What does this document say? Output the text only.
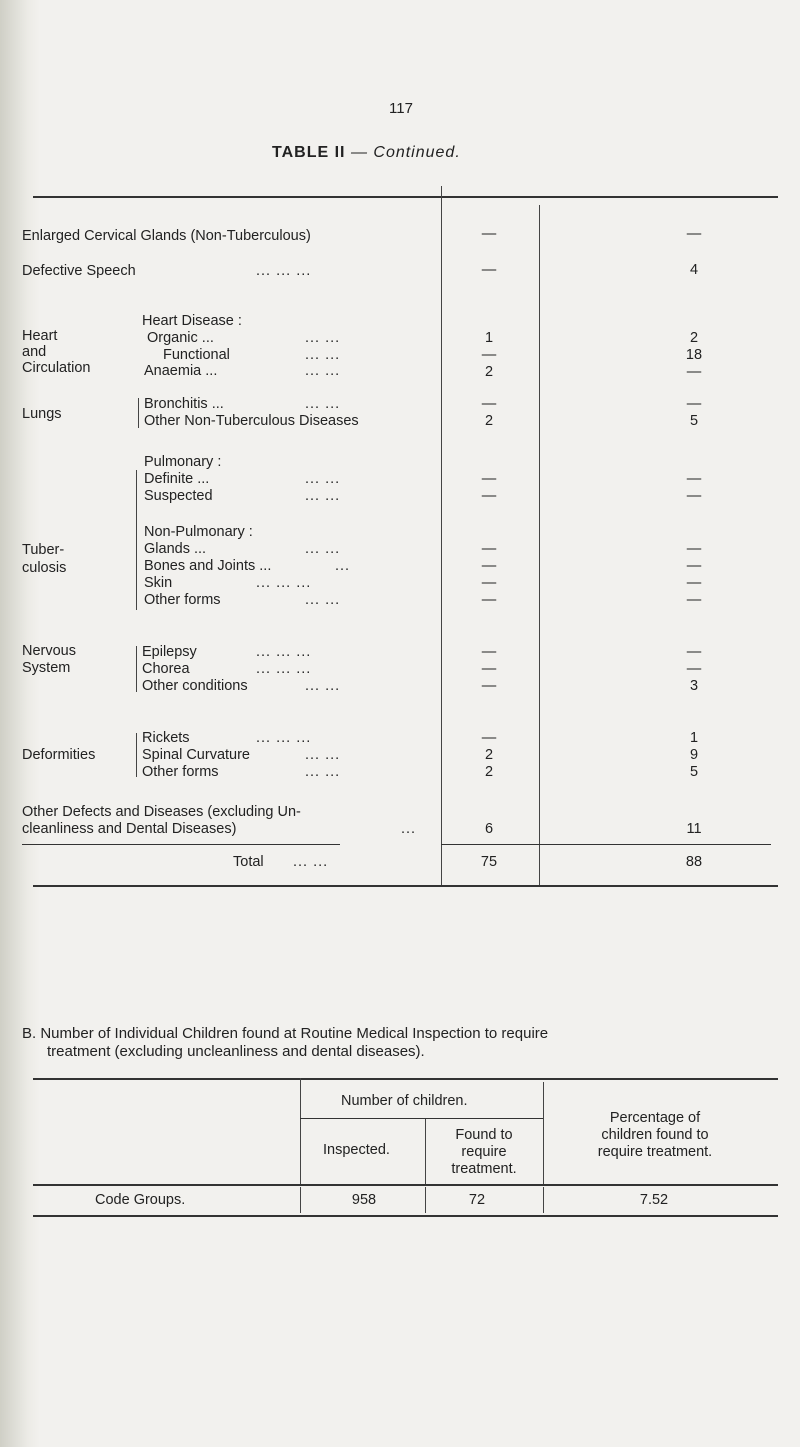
117
TABLE II — Continued.
Enlarged Cervical Glands (Non-Tuberculous)	—	—
Defective Speech	... ... ...	—	4
Heart
and
Circulation
Heart Disease :
Organic ...	... ...	1	2
Functional	... ...	—	18
Anaemia ...	... ...	2	—
Lungs
Bronchitis ...	... ...	—	—
Other Non-Tuberculous Diseases	2	5
Tuber-
culosis
Pulmonary :
Definite ...	... ...	—	—
Suspected	... ...	—	—
Non-Pulmonary :
Glands ...	... ...	—	—
Bones and Joints ...	...	—	—
Skin	... ... ...	—	—
Other forms	... ...	—	—
Nervous
System
Epilepsy	... ... ...	—	—
Chorea	... ... ...	—	—
Other conditions	... ...	—	3
Deformities
Rickets	... ... ...	—	1
Spinal Curvature	... ...	2	9
Other forms	... ...	2	5
Other Defects and Diseases (excluding Un-
cleanliness and Dental Diseases)	...	6	11
Total ... ...	75	88
B. Number of Individual Children found at Routine Medical Inspection to require
treatment (excluding uncleanliness and dental diseases).
Number of children.
Inspected.
Found to
require
treatment.
Percentage of
children found to
require treatment.
Code Groups.	958	72	7.52
